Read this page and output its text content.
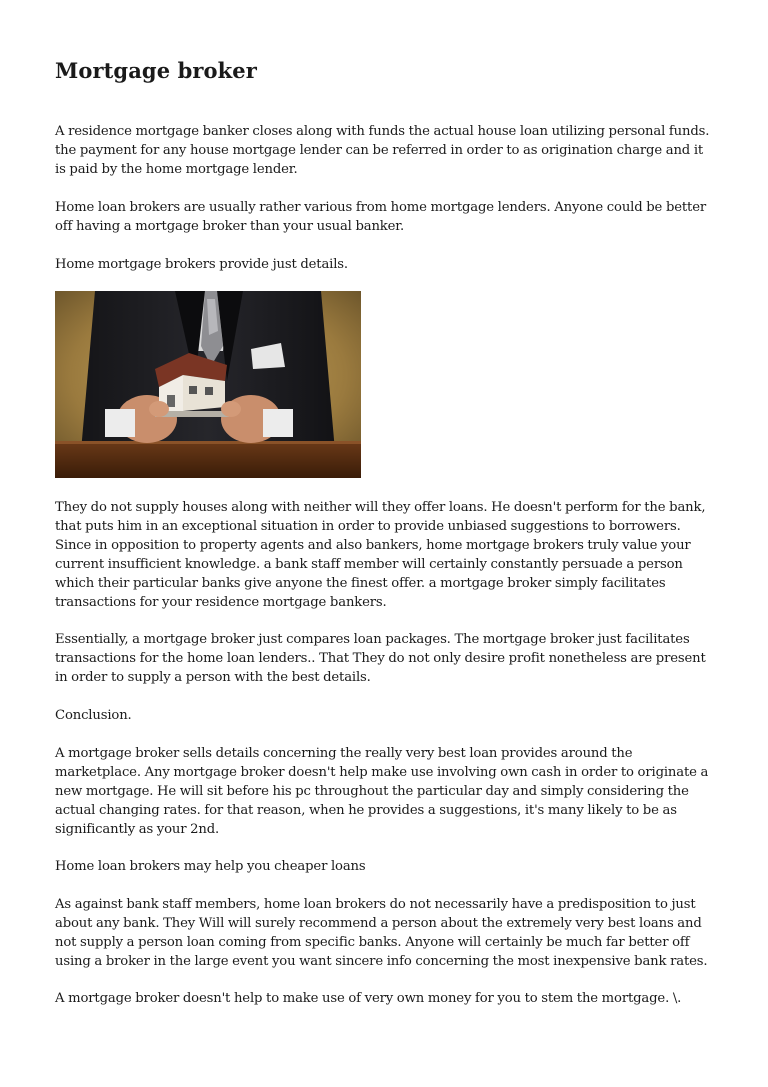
Mortgage broker

A residence mortgage banker closes along with funds the actual house loan utilizing personal funds. the payment for any house mortgage lender can be referred in order to as origination charge and it is paid by the home mortgage lender.

Home loan brokers are usually rather various from home mortgage lenders. Anyone could be better off having a mortgage broker than your usual banker.

Home mortgage brokers provide just details.

They do not supply houses along with neither will they offer loans. He doesn't perform for the bank, that puts him in an exceptional situation in order to provide unbiased suggestions to borrowers. Since in opposition to property agents and also bankers, home mortgage brokers truly value your current insufficient knowledge. a bank staff member will certainly constantly persuade a person which their particular banks give anyone the finest offer. a mortgage broker simply facilitates transactions for your residence mortgage bankers.

Essentially, a mortgage broker just compares loan packages. The mortgage broker just facilitates transactions for the home loan lenders.. That They do not only desire profit nonetheless are present in order to supply a person with the best details.

Conclusion.

A mortgage broker sells details concerning the really very best loan provides around the marketplace. Any mortgage broker doesn't help make use involving own cash in order to originate a new mortgage. He will sit before his pc throughout the particular day and simply considering the actual changing rates. for that reason, when he provides a suggestions, it's many likely to be as significantly as your 2nd.

Home loan brokers may help you cheaper loans

As against bank staff members, home loan brokers do not necessarily have a predisposition to just about any bank. They Will will surely recommend a person about the extremely very best loans and not supply a person loan coming from specific banks. Anyone will certainly be much far better off using a broker in the large event you want sincere info concerning the most inexpensive bank rates.

A mortgage broker doesn't help to make use of very own money for you to stem the mortgage. \.
